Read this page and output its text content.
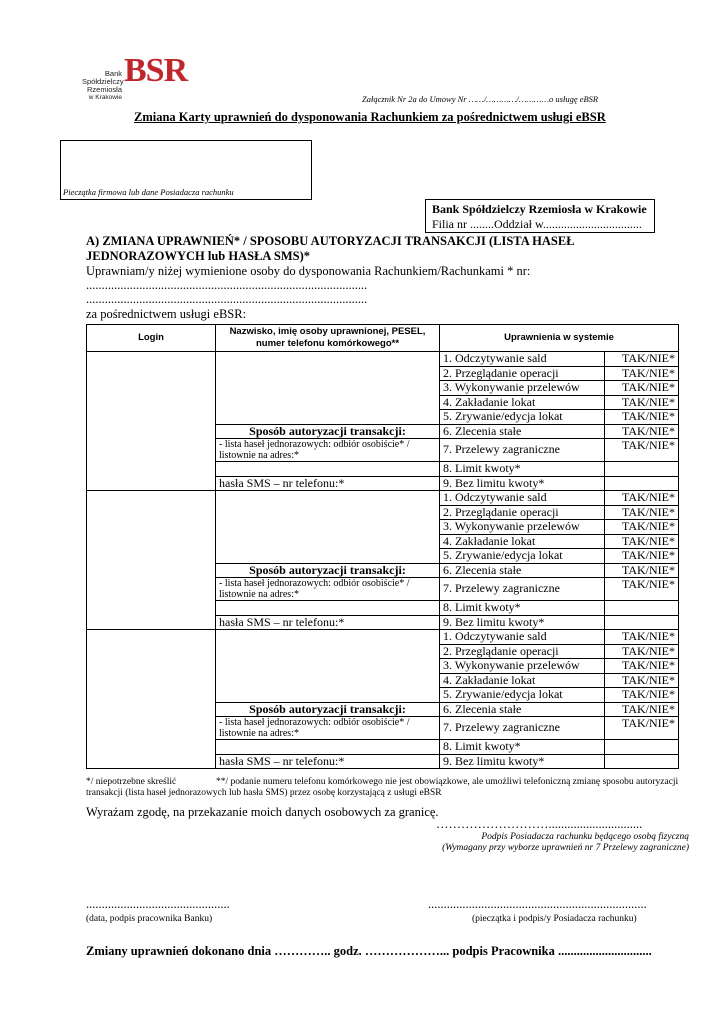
Bank
Spółdzielczy
Rzemiosła
w Krakowie
BSR
Załącznik Nr 2a do Umowy Nr ……/…………/…………o usługę eBSR
Zmiana Karty uprawnień do dysponowania Rachunkiem za pośrednictwem usługi eBSR
Pieczątka firmowa lub dane Posiadacza rachunku
Bank Spółdzielczy Rzemiosła w Krakowie
Filia nr ........Oddział w.................................
A) ZMIANA UPRAWNIEŃ* / SPOSOBU AUTORYZACJI TRANSAKCJI (LISTA HASEŁ
JEDNORAZOWYCH lub HASŁA SMS)*
Uprawniam/y niżej wymienione osoby do dysponowania Rachunkiem/Rachunkami * nr:
..........................................................................................
..........................................................................................
za pośrednictwem usługi eBSR:
Login	Nazwisko, imię osoby uprawnionej, PESEL, numer telefonu komórkowego**	Uprawnienia w systemie	
		1. Odczytywanie sald	TAK/NIE*
		2. Przeglądanie operacji	TAK/NIE*
		3. Wykonywanie przelewów	TAK/NIE*
		4. Zakładanie lokat	TAK/NIE*
		5. Zrywanie/edycja lokat	TAK/NIE*
	Sposób autoryzacji transakcji:	6. Zlecenia stałe	TAK/NIE*
	- lista haseł jednorazowych: odbiór osobiście* / listownie na adres:*	7. Przelewy zagraniczne	TAK/NIE*
		8. Limit kwoty*	
	hasła SMS – nr telefonu:*	9. Bez limitu kwoty*	
		1. Odczytywanie sald	TAK/NIE*
		2. Przeglądanie operacji	TAK/NIE*
		3. Wykonywanie przelewów	TAK/NIE*
		4. Zakładanie lokat	TAK/NIE*
		5. Zrywanie/edycja lokat	TAK/NIE*
	Sposób autoryzacji transakcji:	6. Zlecenia stałe	TAK/NIE*
	- lista haseł jednorazowych: odbiór osobiście* / listownie na adres:*	7. Przelewy zagraniczne	TAK/NIE*
		8. Limit kwoty*	
	hasła SMS – nr telefonu:*	9. Bez limitu kwoty*	
		1. Odczytywanie sald	TAK/NIE*
		2. Przeglądanie operacji	TAK/NIE*
		3. Wykonywanie przelewów	TAK/NIE*
		4. Zakładanie lokat	TAK/NIE*
		5. Zrywanie/edycja lokat	TAK/NIE*
	Sposób autoryzacji transakcji:	6. Zlecenia stałe	TAK/NIE*
	- lista haseł jednorazowych: odbiór osobiście* / listownie na adres:*	7. Przelewy zagraniczne	TAK/NIE*
		8. Limit kwoty*	
	hasła SMS – nr telefonu:*	9. Bez limitu kwoty*	
*/ niepotrzebne skreślić	**/ podanie numeru telefonu komórkowego nie jest obowiązkowe, ale umożliwi telefoniczną zmianę sposobu autoryzacji
transakcji (lista haseł jednorazowych lub hasła SMS) przez osobę korzystającą z usługi eBSR
Wyrażam zgodę, na przekazanie moich danych osobowych za granicę.
………………………..............................
Podpis Posiadacza rachunku będącego osobą fizyczną
(Wymagany przy wyborze uprawnień nr 7 Przelewy zagraniczne)
..............................................	......................................................................
(data, podpis pracownika Banku)	(pieczątka i podpis/y Posiadacza rachunku)
Zmiany uprawnień dokonano dnia ………….. godz. ………………... podpis Pracownika ..............................
